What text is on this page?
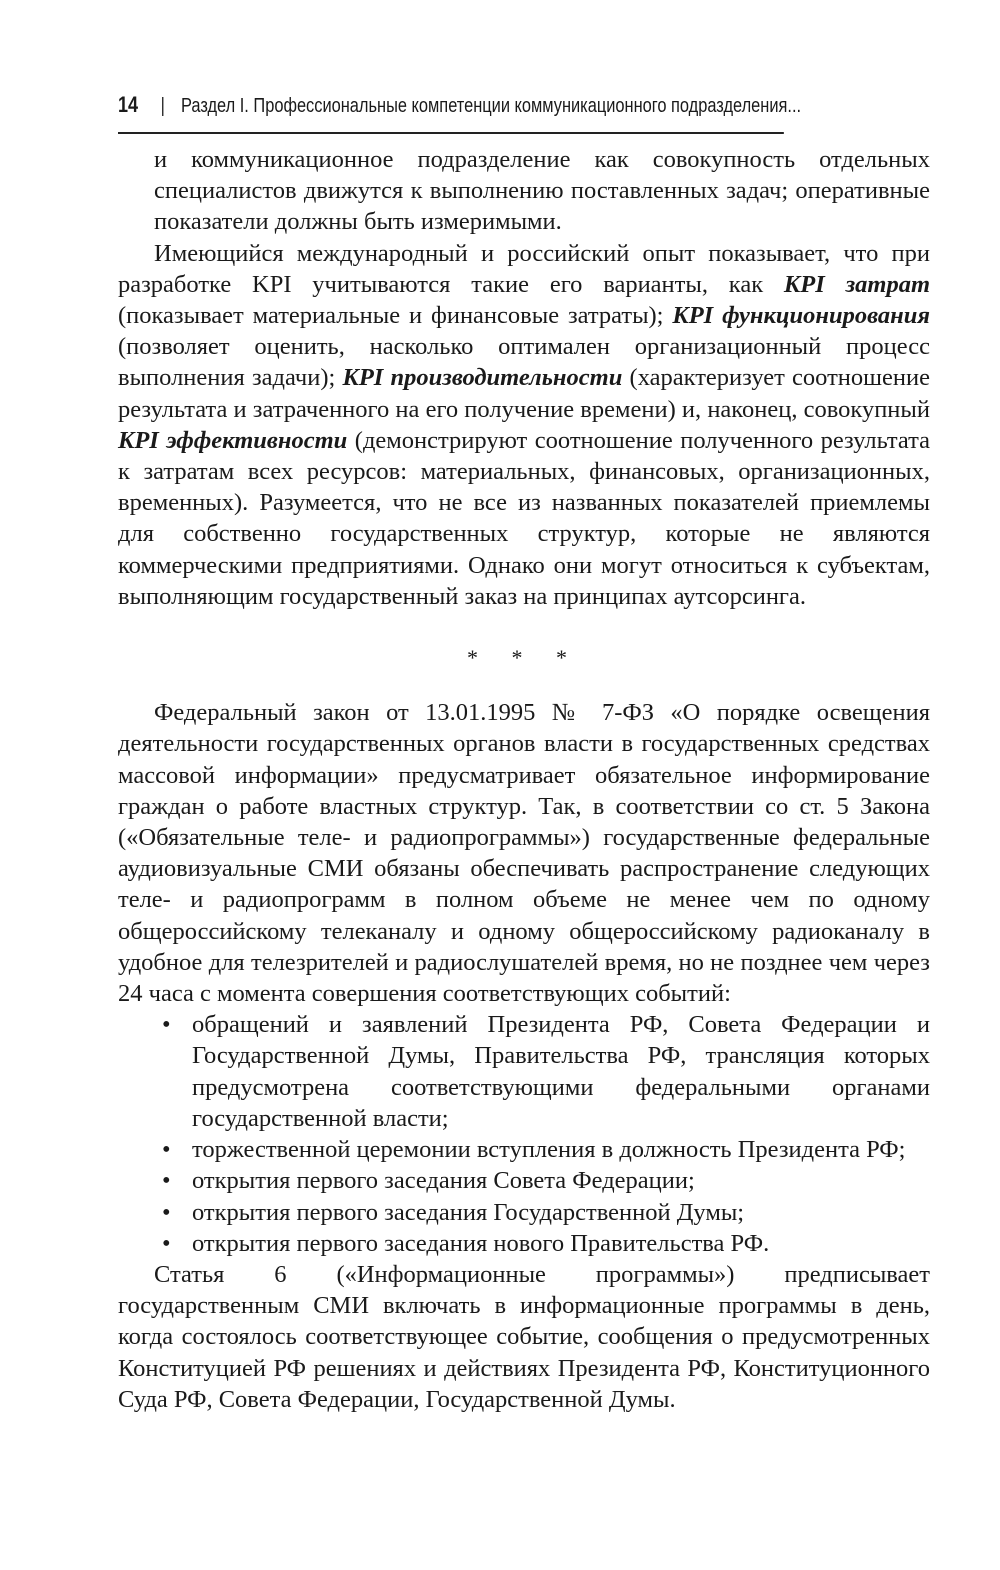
14 | Раздел I. Профессиональные компетенции коммуникационного подразделения...

и коммуникационное подразделение как совокупность отдельных специалистов движутся к выполнению поставленных задач; оперативные показатели должны быть измеримыми.

Имеющийся международный и российский опыт показывает, что при разработке KPI учитываются такие его варианты, как KPI затрат (показывает материальные и финансовые затраты); KPI функционирования (позволяет оценить, насколько оптимален организационный процесс выполнения задачи); KPI производительности (характеризует соотношение результата и затраченного на его получение времени) и, наконец, совокупный KPI эффективности (демонстрируют соотношение полученного результата к затратам всех ресурсов: материальных, финансовых, организационных, временных). Разумеется, что не все из названных показателей приемлемы для собственно государственных структур, которые не являются коммерческими предприятиями. Однако они могут относиться к субъектам, выполняющим государственный заказ на принципах аутсорсинга.

* * *

Федеральный закон от 13.01.1995 № 7-ФЗ «О порядке освещения деятельности государственных органов власти в государственных средствах массовой информации» предусматривает обязательное информирование граждан о работе властных структур. Так, в соответствии со ст. 5 Закона («Обязательные теле- и радиопрограммы») государственные федеральные аудиовизуальные СМИ обязаны обеспечивать распространение следующих теле- и радиопрограмм в полном объеме не менее чем по одному общероссийскому телеканалу и одному общероссийскому радиоканалу в удобное для телезрителей и радиослушателей время, но не позднее чем через 24 часа с момента совершения соответствующих событий:

• обращений и заявлений Президента РФ, Совета Федерации и Государственной Думы, Правительства РФ, трансляция которых предусмотрена соответствующими федеральными органами государственной власти;
• торжественной церемонии вступления в должность Президента РФ;
• открытия первого заседания Совета Федерации;
• открытия первого заседания Государственной Думы;
• открытия первого заседания нового Правительства РФ.

Статья 6 («Информационные программы») предписывает государственным СМИ включать в информационные программы в день, когда состоялось соответствующее событие, сообщения о предусмотренных Конституцией РФ решениях и действиях Президента РФ, Конституционного Суда РФ, Совета Федерации, Государственной Думы.
